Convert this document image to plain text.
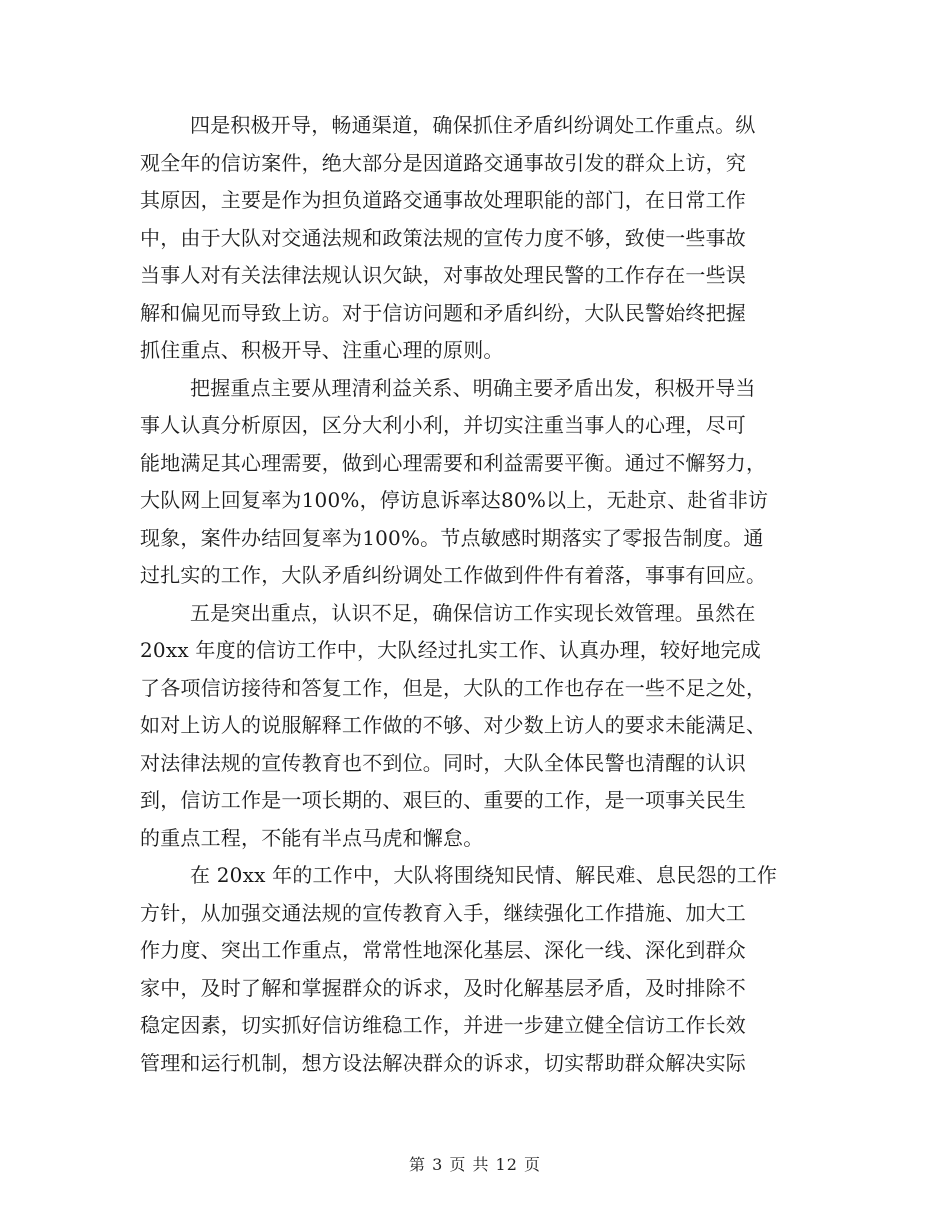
四是积极开导，畅通渠道，确保抓住矛盾纠纷调处工作重点。纵
观全年的信访案件，绝大部分是因道路交通事故引发的群众上访，究
其原因，主要是作为担负道路交通事故处理职能的部门，在日常工作
中，由于大队对交通法规和政策法规的宣传力度不够，致使一些事故
当事人对有关法律法规认识欠缺，对事故处理民警的工作存在一些误
解和偏见而导致上访。对于信访问题和矛盾纠纷，大队民警始终把握
抓住重点、积极开导、注重心理的原则。
把握重点主要从理清利益关系、明确主要矛盾出发，积极开导当
事人认真分析原因，区分大利小利，并切实注重当事人的心理，尽可
能地满足其心理需要，做到心理需要和利益需要平衡。通过不懈努力，
大队网上回复率为100%，停访息诉率达80%以上，无赴京、赴省非访
现象，案件办结回复率为100%。节点敏感时期落实了零报告制度。通
过扎实的工作，大队矛盾纠纷调处工作做到件件有着落，事事有回应。
五是突出重点，认识不足，确保信访工作实现长效管理。虽然在
20xx 年度的信访工作中，大队经过扎实工作、认真办理，较好地完成
了各项信访接待和答复工作，但是，大队的工作也存在一些不足之处，
如对上访人的说服解释工作做的不够、对少数上访人的要求未能满足、
对法律法规的宣传教育也不到位。同时，大队全体民警也清醒的认识
到，信访工作是一项长期的、艰巨的、重要的工作，是一项事关民生
的重点工程，不能有半点马虎和懈怠。
在 20xx 年的工作中，大队将围绕知民情、解民难、息民怨的工作
方针，从加强交通法规的宣传教育入手，继续强化工作措施、加大工
作力度、突出工作重点，常常性地深化基层、深化一线、深化到群众
家中，及时了解和掌握群众的诉求，及时化解基层矛盾，及时排除不
稳定因素，切实抓好信访维稳工作，并进一步建立健全信访工作长效
管理和运行机制，想方设法解决群众的诉求，切实帮助群众解决实际
第 3 页 共 12 页
